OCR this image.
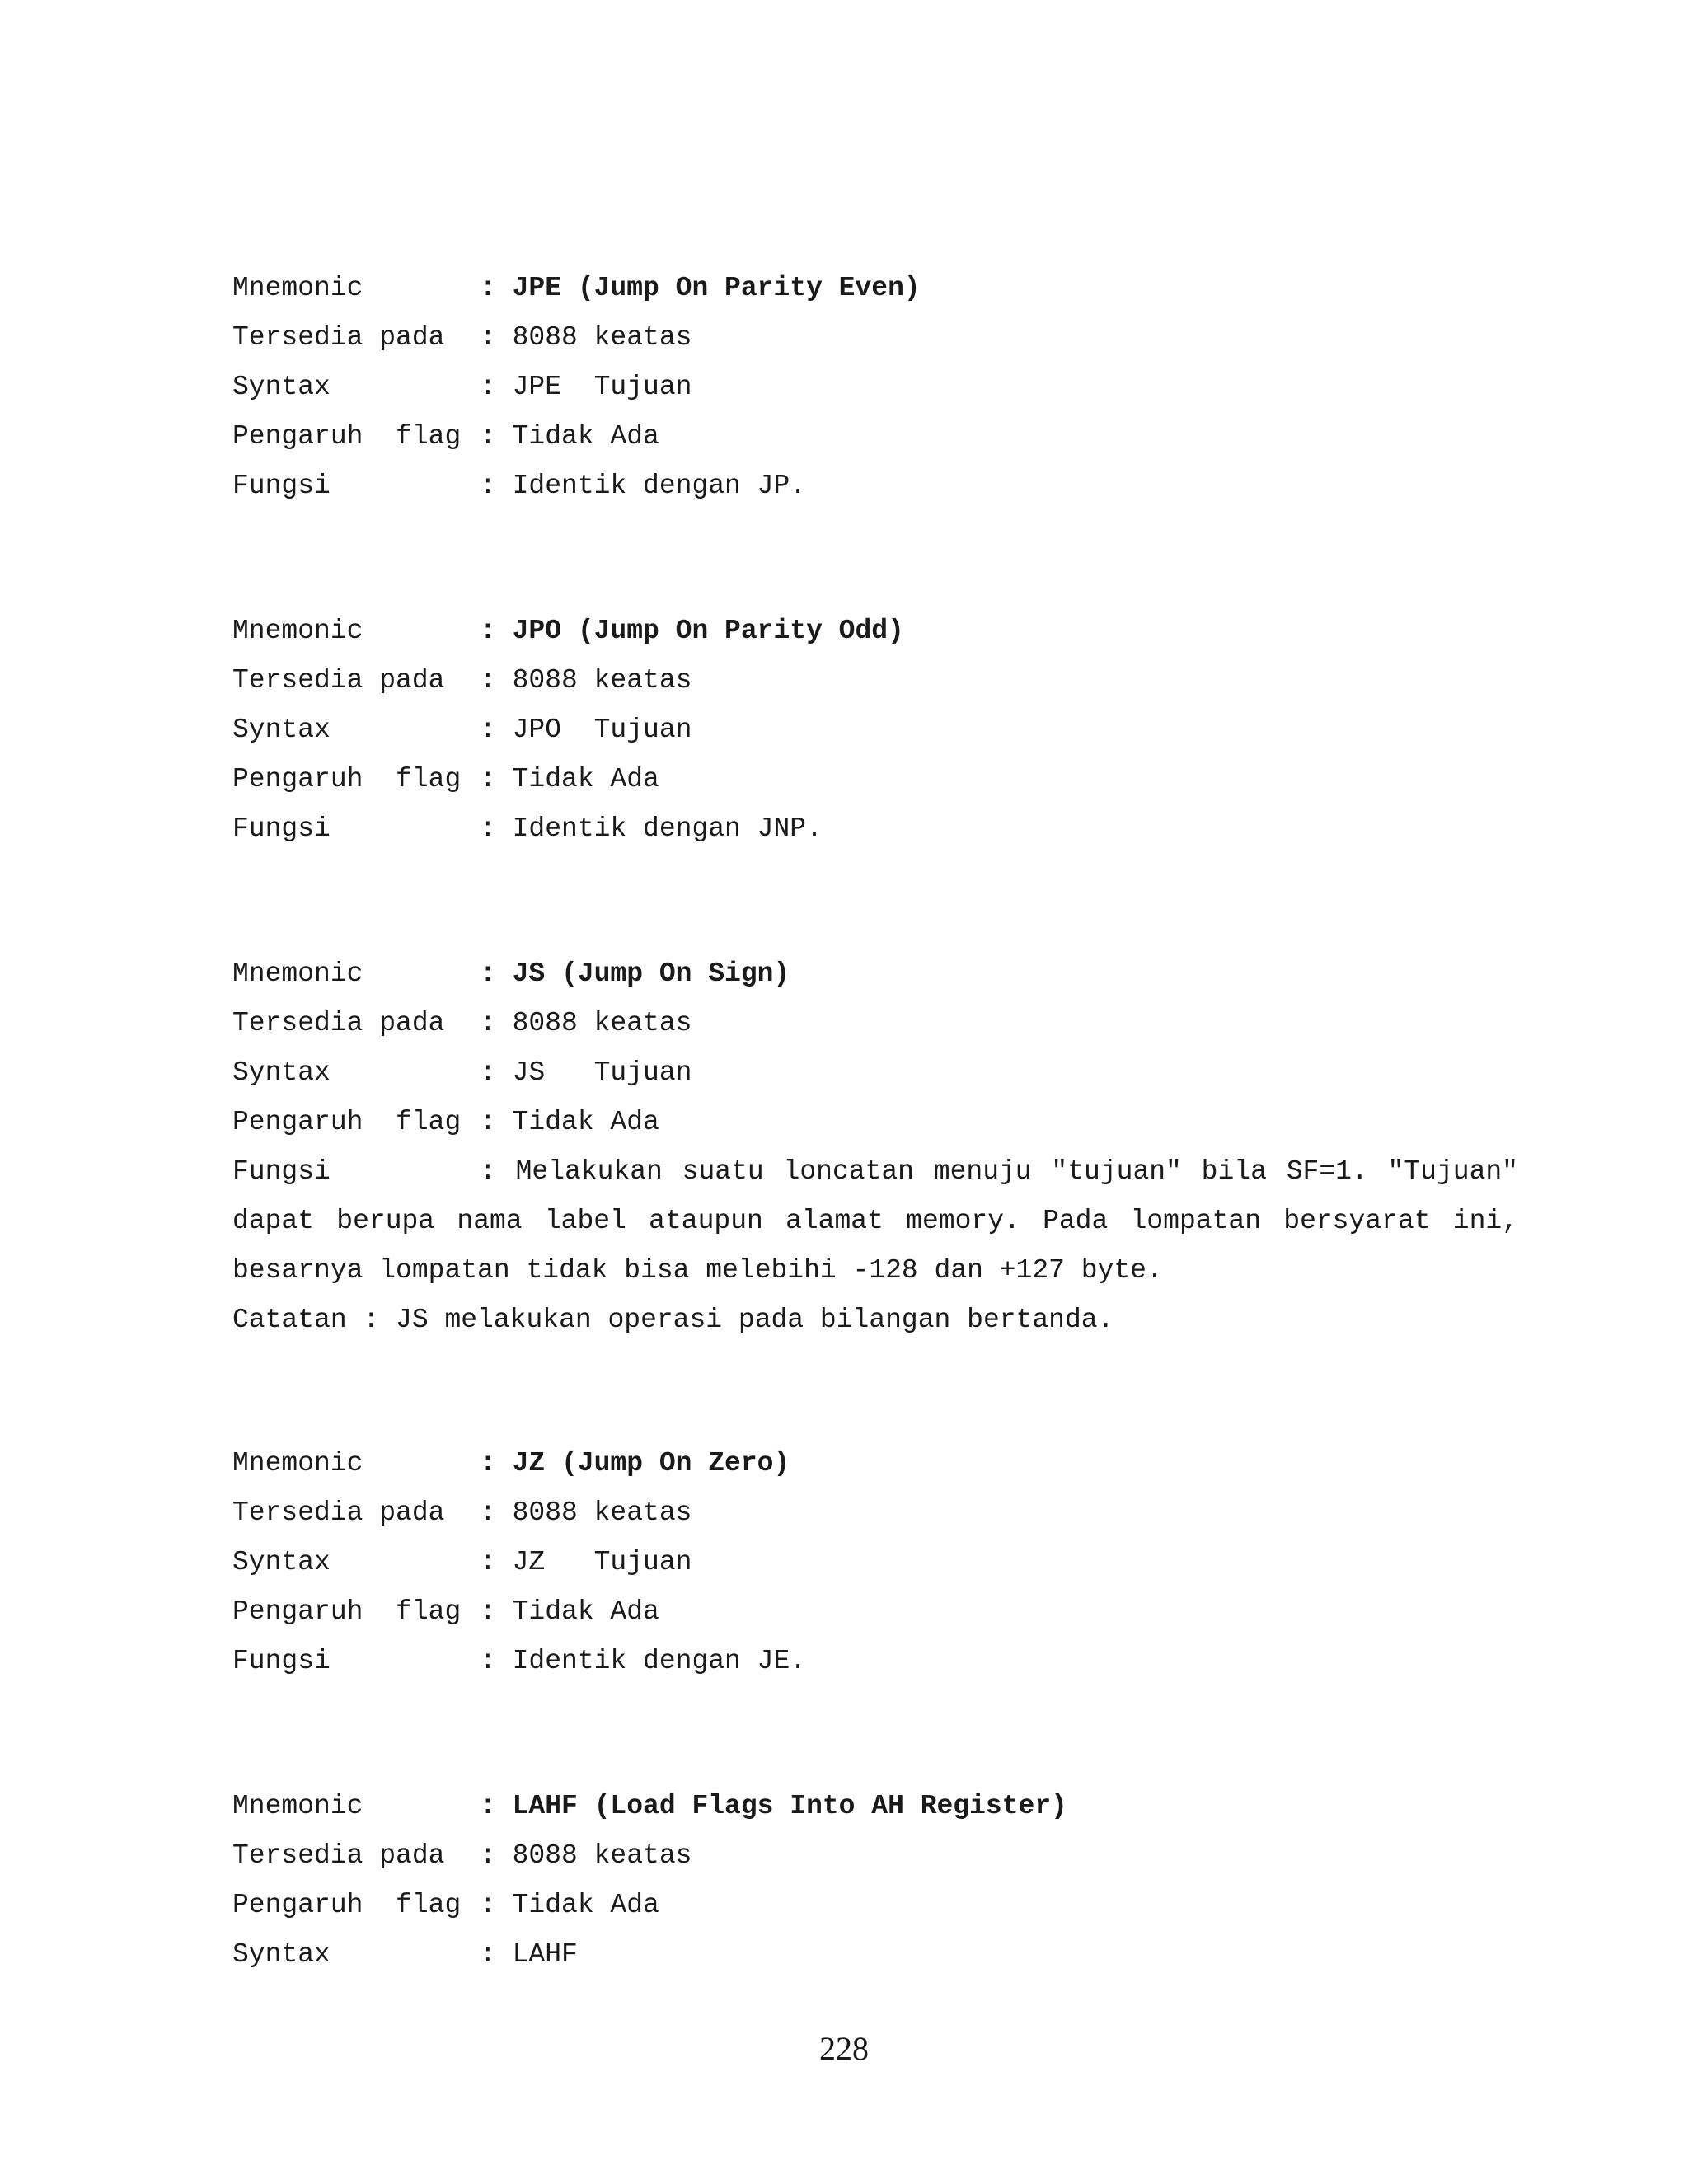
Mnemonic	: JPE (Jump On Parity Even)
Tersedia pada	: 8088 keatas
Syntax	: JPE  Tujuan
Pengaruh  flag : Tidak Ada
Fungsi	: Identik dengan JP.
Mnemonic	: JPO (Jump On Parity Odd)
Tersedia pada	: 8088 keatas
Syntax	: JPO  Tujuan
Pengaruh  flag : Tidak Ada
Fungsi	: Identik dengan JNP.
Mnemonic	: JS (Jump On Sign)
Tersedia pada	: 8088 keatas
Syntax	: JS   Tujuan
Pengaruh  flag : Tidak Ada
Fungsi	: Melakukan suatu loncatan menuju "tujuan" bila SF=1. "Tujuan" dapat berupa nama label ataupun alamat memory. Pada lompatan bersyarat ini, besarnya lompatan tidak bisa melebihi -128 dan +127 byte.
Catatan : JS melakukan operasi pada bilangan bertanda.
Mnemonic	: JZ (Jump On Zero)
Tersedia pada	: 8088 keatas
Syntax	: JZ   Tujuan
Pengaruh  flag : Tidak Ada
Fungsi	: Identik dengan JE.
Mnemonic	: LAHF (Load Flags Into AH Register)
Tersedia pada	: 8088 keatas
Pengaruh  flag : Tidak Ada
Syntax	: LAHF
228
